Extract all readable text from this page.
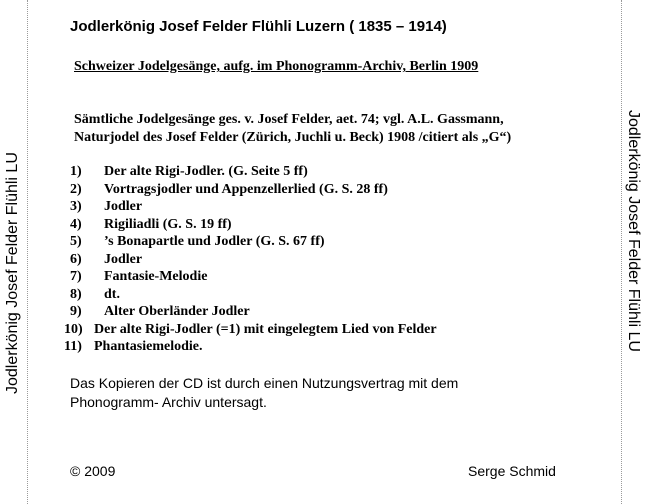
Jodlerkönig Josef Felder Flühli LU	Jodlerkönig Josef Felder Flühli LU
Jodlerkönig Josef Felder Flühli Luzern ( 1835 – 1914)
Schweizer Jodelgesänge, aufg. im Phonogramm-Archiv, Berlin 1909
Sämtliche Jodelgesänge ges. v. Josef Felder, aet. 74; vgl. A.L. Gassmann,
Naturjodel des Josef Felder (Zürich, Juchli u. Beck) 1908 /citiert als „G“)
1) Der alte Rigi-Jodler. (G. Seite 5 ff)
2) Vortragsjodler und Appenzellerlied (G. S. 28 ff)
3) Jodler
4) Rigiliadli (G. S. 19 ff)
5) ’s Bonapartle und Jodler (G. S. 67 ff)
6) Jodler
7) Fantasie-Melodie
8) dt.
9) Alter Oberländer Jodler
10) Der alte Rigi-Jodler (=1) mit eingelegtem Lied von Felder
11) Phantasiemelodie.
Das Kopieren der CD ist durch einen Nutzungsvertrag mit dem
Phonogramm- Archiv untersagt.
© 2009	Serge Schmid
